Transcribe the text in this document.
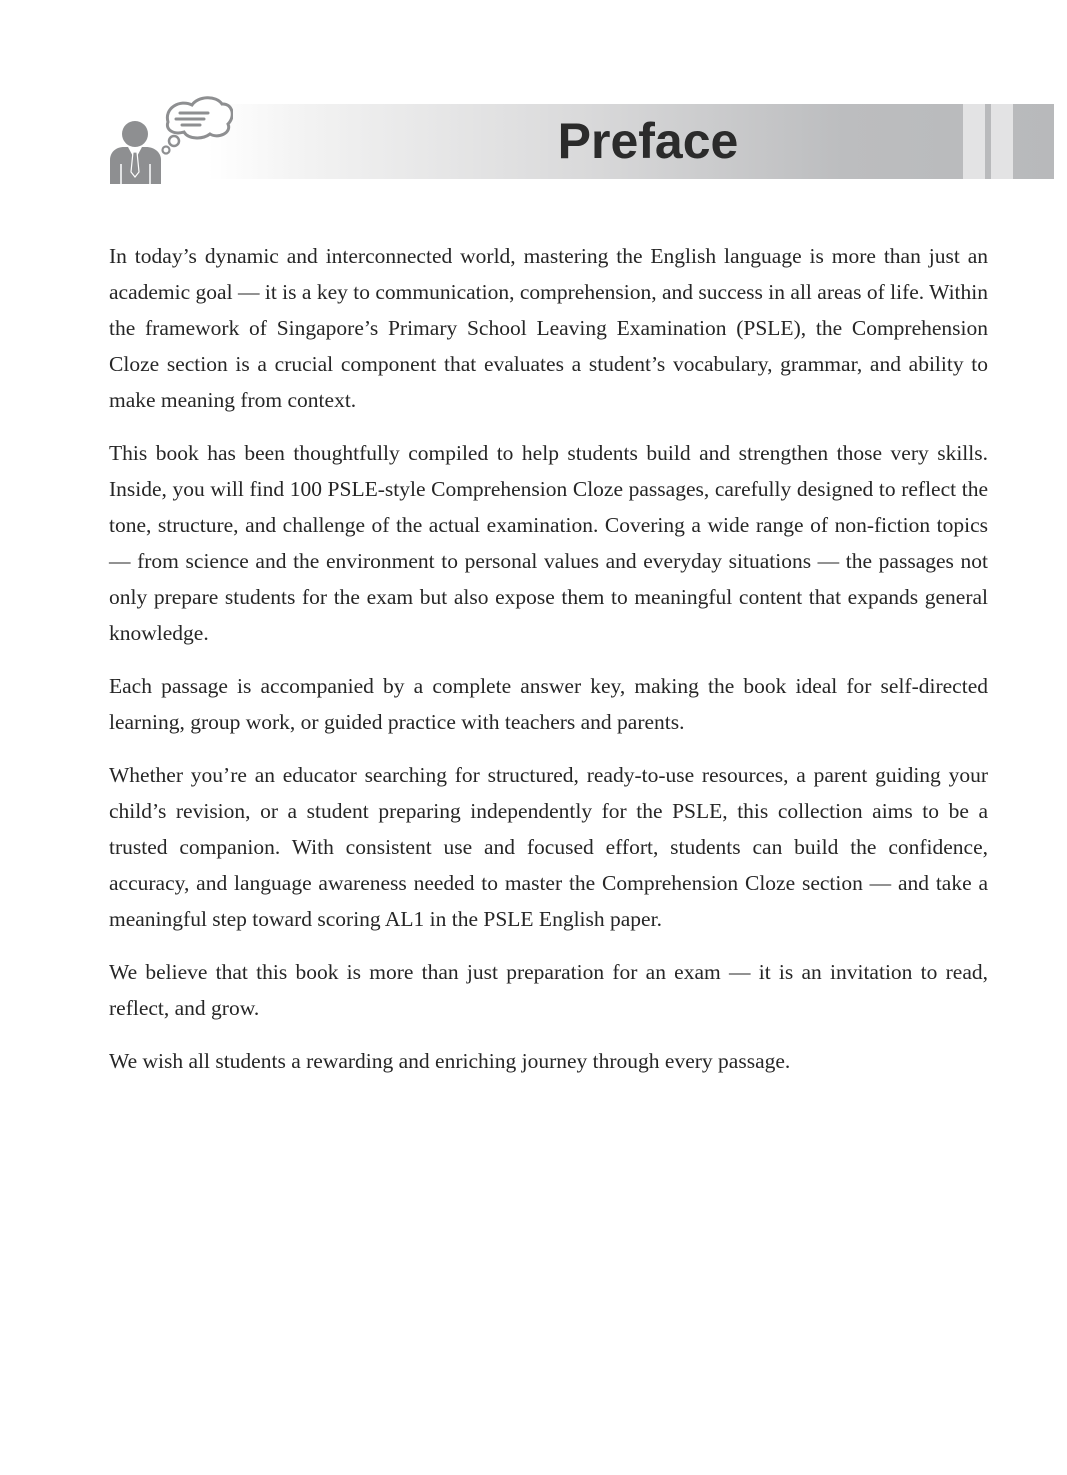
Preface

In today’s dynamic and interconnected world, mastering the English language is more than just an academic goal — it is a key to communication, comprehension, and success in all areas of life. Within the framework of Singapore’s Primary School Leaving Examination (PSLE), the Comprehension Cloze section is a crucial component that evaluates a student’s vocabulary, grammar, and ability to make meaning from context.

This book has been thoughtfully compiled to help students build and strengthen those very skills. Inside, you will find 100 PSLE-style Comprehension Cloze passages, carefully designed to reflect the tone, structure, and challenge of the actual examination. Covering a wide range of non-fiction topics — from science and the environment to personal values and everyday situations — the passages not only prepare students for the exam but also expose them to meaningful content that expands general knowledge.

Each passage is accompanied by a complete answer key, making the book ideal for self-directed learning, group work, or guided practice with teachers and parents.

Whether you’re an educator searching for structured, ready-to-use resources, a parent guiding your child’s revision, or a student preparing independently for the PSLE, this collection aims to be a trusted companion. With consistent use and focused effort, students can build the confidence, accuracy, and language awareness needed to master the Comprehension Cloze section — and take a meaningful step toward scoring AL1 in the PSLE English paper.

We believe that this book is more than just preparation for an exam — it is an invitation to read, reflect, and grow.

We wish all students a rewarding and enriching journey through every passage.
